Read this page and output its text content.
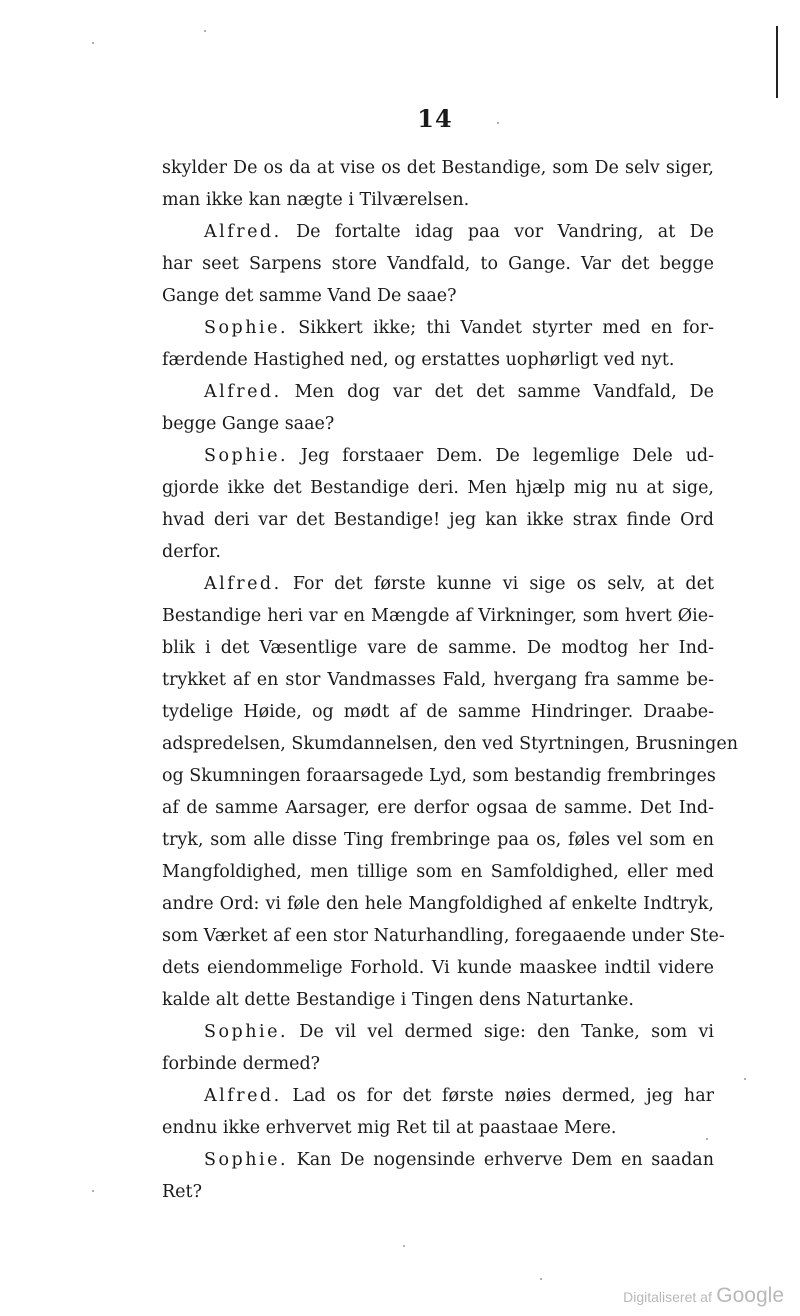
14
skylder De os da at vise os det Bestandige, som De selv siger,
man ikke kan nægte i Tilværelsen.
Alfred. De fortalte idag paa vor Vandring, at De
har seet Sarpens store Vandfald, to Gange. Var det begge
Gange det samme Vand De saae?
Sophie. Sikkert ikke; thi Vandet styrter med en for-
færdende Hastighed ned, og erstattes uophørligt ved nyt.
Alfred. Men dog var det det samme Vandfald, De
begge Gange saae?
Sophie. Jeg forstaaer Dem. De legemlige Dele ud-
gjorde ikke det Bestandige deri. Men hjælp mig nu at sige,
hvad deri var det Bestandige! jeg kan ikke strax finde Ord
derfor.
Alfred. For det første kunne vi sige os selv, at det
Bestandige heri var en Mængde af Virkninger, som hvert Øie-
blik i det Væsentlige vare de samme. De modtog her Ind-
trykket af en stor Vandmasses Fald, hvergang fra samme be-
tydelige Høide, og mødt af de samme Hindringer. Draabe-
adspredelsen, Skumdannelsen, den ved Styrtningen, Brusningen
og Skumningen foraarsagede Lyd, som bestandig frembringes
af de samme Aarsager, ere derfor ogsaa de samme. Det Ind-
tryk, som alle disse Ting frembringe paa os, føles vel som en
Mangfoldighed, men tillige som en Samfoldighed, eller med
andre Ord: vi føle den hele Mangfoldighed af enkelte Indtryk,
som Værket af een stor Naturhandling, foregaaende under Ste-
dets eiendommelige Forhold. Vi kunde maaskee indtil videre
kalde alt dette Bestandige i Tingen dens Naturtanke.
Sophie. De vil vel dermed sige: den Tanke, som vi
forbinde dermed?
Alfred. Lad os for det første nøies dermed, jeg har
endnu ikke erhvervet mig Ret til at paastaae Mere.
Sophie. Kan De nogensinde erhverve Dem en saadan
Ret?
Digitaliseret af Google
